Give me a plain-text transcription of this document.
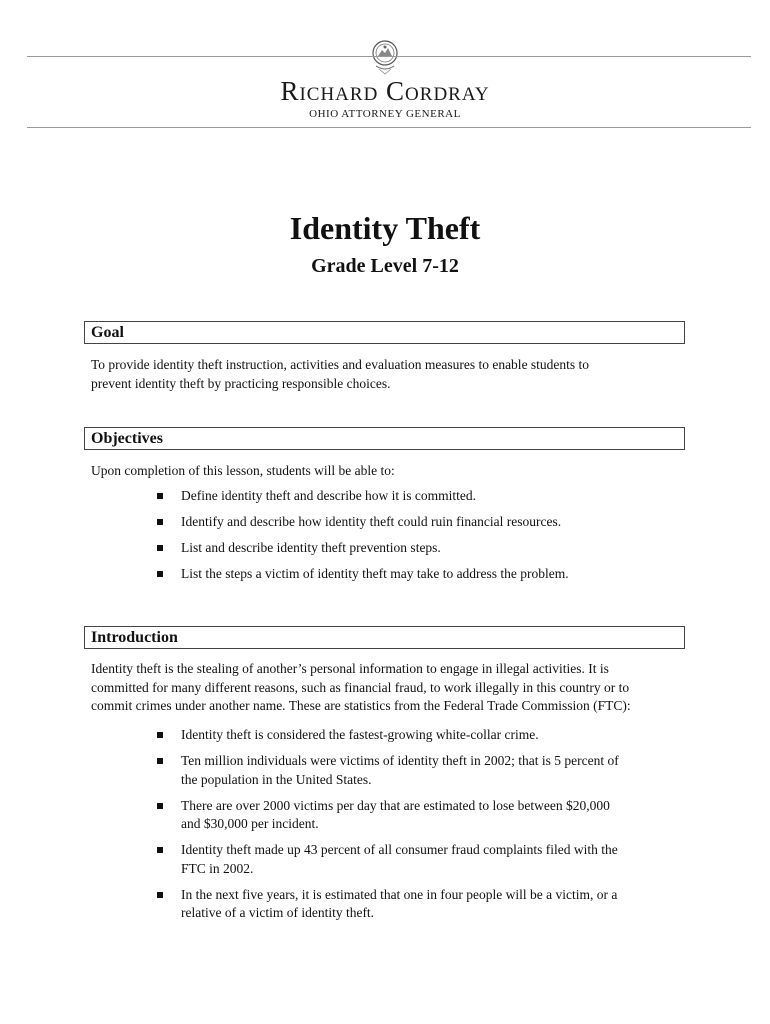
Richard Cordray
OHIO ATTORNEY GENERAL
Identity Theft
Grade Level 7-12
Goal
To provide identity theft instruction, activities and evaluation measures to enable students to
prevent identity theft by practicing responsible choices.
Objectives
Upon completion of this lesson, students will be able to:
Define identity theft and describe how it is committed.
Identify and describe how identity theft could ruin financial resources.
List and describe identity theft prevention steps.
List the steps a victim of identity theft may take to address the problem.
Introduction
Identity theft is the stealing of another’s personal information to engage in illegal activities. It is
committed for many different reasons, such as financial fraud, to work illegally in this country or to
commit crimes under another name. These are statistics from the Federal Trade Commission (FTC):
Identity theft is considered the fastest-growing white-collar crime.
Ten million individuals were victims of identity theft in 2002; that is 5 percent of
the population in the United States.
There are over 2000 victims per day that are estimated to lose between $20,000
and $30,000 per incident.
Identity theft made up 43 percent of all consumer fraud complaints filed with the
FTC in 2002.
In the next five years, it is estimated that one in four people will be a victim, or a
relative of a victim of identity theft.
